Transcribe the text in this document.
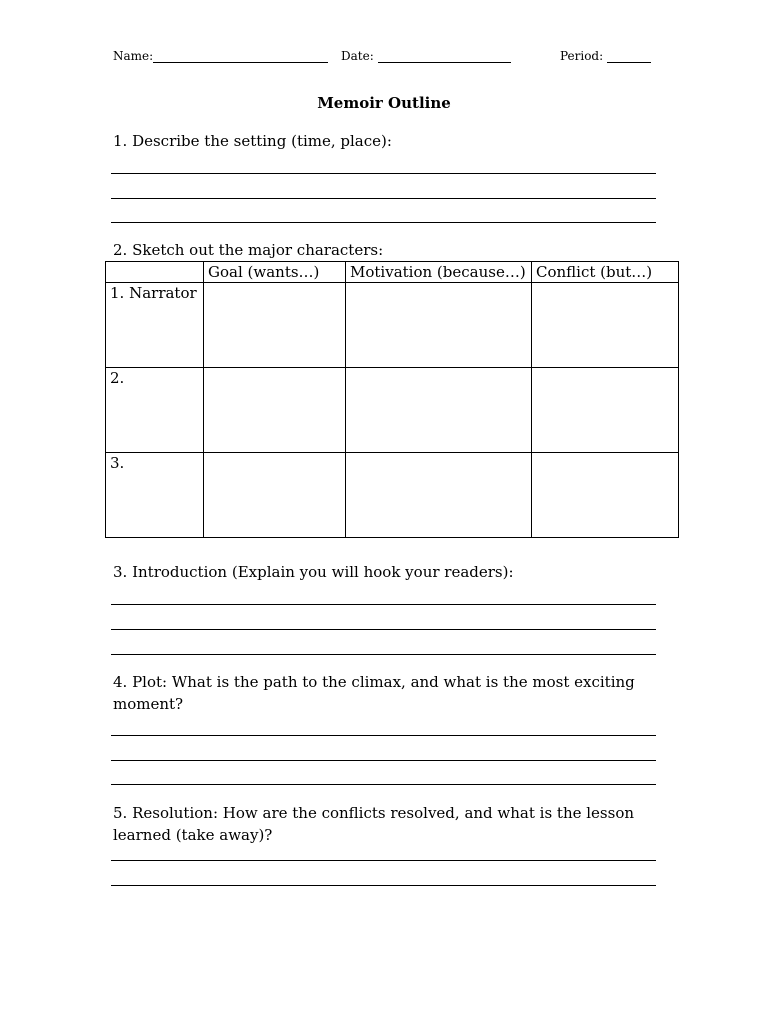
Name:	Date:	Period:
Memoir Outline
1. Describe the setting (time, place):
2. Sketch out the major characters:
	Goal (wants…)	Motivation (because…)	Conflict (but…)
1. Narrator			
2.			
3.			
3. Introduction (Explain you will hook your readers):
4. Plot: What is the path to the climax, and what is the most exciting moment?
5. Resolution: How are the conflicts resolved, and what is the lesson learned (take away)?
